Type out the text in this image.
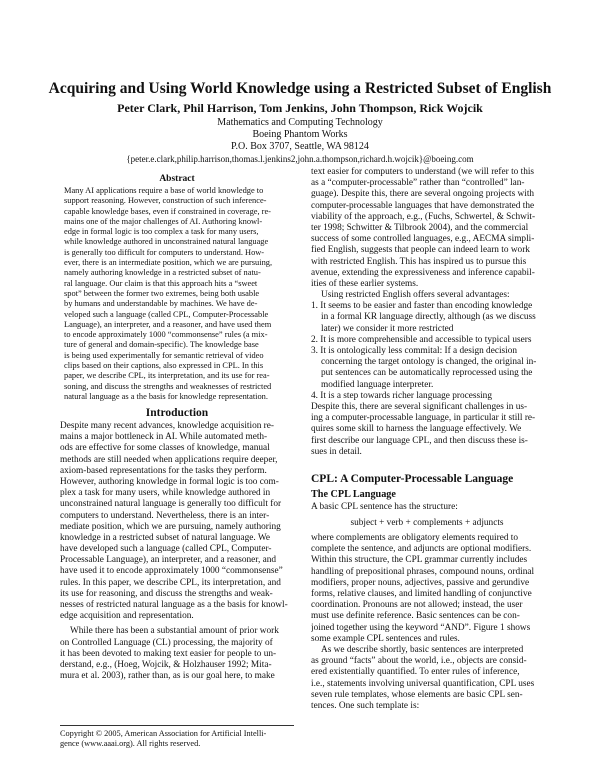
Acquiring and Using World Knowledge using a Restricted Subset of English
Peter Clark, Phil Harrison, Tom Jenkins, John Thompson, Rick Wojcik
Mathematics and Computing Technology
Boeing Phantom Works
P.O. Box 3707, Seattle, WA 98124
{peter.e.clark,philip.harrison,thomas.l.jenkins2,john.a.thompson,richard.h.wojcik}@boeing.com
Abstract
Many AI applications require a base of world knowledge to
support reasoning. However, construction of such inference-
capable knowledge bases, even if constrained in coverage, re-
mains one of the major challenges of AI. Authoring knowl-
edge in formal logic is too complex a task for many users,
while knowledge authored in unconstrained natural language
is generally too difficult for computers to understand. How-
ever, there is an intermediate position, which we are pursuing,
namely authoring knowledge in a restricted subset of natu-
ral language. Our claim is that this approach hits a “sweet
spot” between the former two extremes, being both usable
by humans and understandable by machines. We have de-
veloped such a language (called CPL, Computer-Processable
Language), an interpreter, and a reasoner, and have used them
to encode approximately 1000 “commonsense” rules (a mix-
ture of general and domain-specific). The knowledge base
is being used experimentally for semantic retrieval of video
clips based on their captions, also expressed in CPL. In this
paper, we describe CPL, its interpretation, and its use for rea-
soning, and discuss the strengths and weaknesses of restricted
natural language as a the basis for knowledge representation.
Introduction
Despite many recent advances, knowledge acquisition re-
mains a major bottleneck in AI. While automated meth-
ods are effective for some classes of knowledge, manual
methods are still needed when applications require deeper,
axiom-based representations for the tasks they perform.
However, authoring knowledge in formal logic is too com-
plex a task for many users, while knowledge authored in
unconstrained natural language is generally too difficult for
computers to understand. Nevertheless, there is an inter-
mediate position, which we are pursuing, namely authoring
knowledge in a restricted subset of natural language. We
have developed such a language (called CPL, Computer-
Processable Language), an interpreter, and a reasoner, and
have used it to encode approximately 1000 “commonsense”
rules. In this paper, we describe CPL, its interpretation, and
its use for reasoning, and discuss the strengths and weak-
nesses of restricted natural language as a the basis for knowl-
edge acquisition and representation.
While there has been a substantial amount of prior work
on Controlled Language (CL) processing, the majority of
it has been devoted to making text easier for people to un-
derstand, e.g., (Hoeg, Wojcik, & Holzhauser 1992; Mita-
mura et al. 2003), rather than, as is our goal here, to make
Copyright © 2005, American Association for Artificial Intelli-
gence (www.aaai.org). All rights reserved.
text easier for computers to understand (we will refer to this
as a “computer-processable” rather than “controlled” lan-
guage). Despite this, there are several ongoing projects with
computer-processable languages that have demonstrated the
viability of the approach, e.g., (Fuchs, Schwertel, & Schwit-
ter 1998; Schwitter & Tilbrook 2004), and the commercial
success of some controlled languages, e.g., AECMA simpli-
fied English, suggests that people can indeed learn to work
with restricted English. This has inspired us to pursue this
avenue, extending the expressiveness and inference capabil-
ities of these earlier systems.
Using restricted English offers several advantages:
1. It seems to be easier and faster than encoding knowledge
in a formal KR language directly, although (as we discuss
later) we consider it more restricted
2. It is more comprehensible and accessible to typical users
3. It is ontologically less commital: If a design decision
concerning the target ontology is changed, the original in-
put sentences can be automatically reprocessed using the
modified language interpreter.
4. It is a step towards richer language processing
Despite this, there are several significant challenges in us-
ing a computer-processable language, in particular it still re-
quires some skill to harness the language effectively. We
first describe our language CPL, and then discuss these is-
sues in detail.
CPL: A Computer-Processable Language
The CPL Language
A basic CPL sentence has the structure:
subject + verb + complements + adjuncts
where complements are obligatory elements required to
complete the sentence, and adjuncts are optional modifiers.
Within this structure, the CPL grammar currently includes
handling of prepositional phrases, compound nouns, ordinal
modifiers, proper nouns, adjectives, passive and gerundive
forms, relative clauses, and limited handling of conjunctive
coordination. Pronouns are not allowed; instead, the user
must use definite reference. Basic sentences can be con-
joined together using the keyword “AND”. Figure 1 shows
some example CPL sentences and rules.
As we describe shortly, basic sentences are interpreted
as ground “facts” about the world, i.e., objects are consid-
ered existentially quantified. To enter rules of inference,
i.e., statements involving universal quantification, CPL uses
seven rule templates, whose elements are basic CPL sen-
tences. One such template is:
